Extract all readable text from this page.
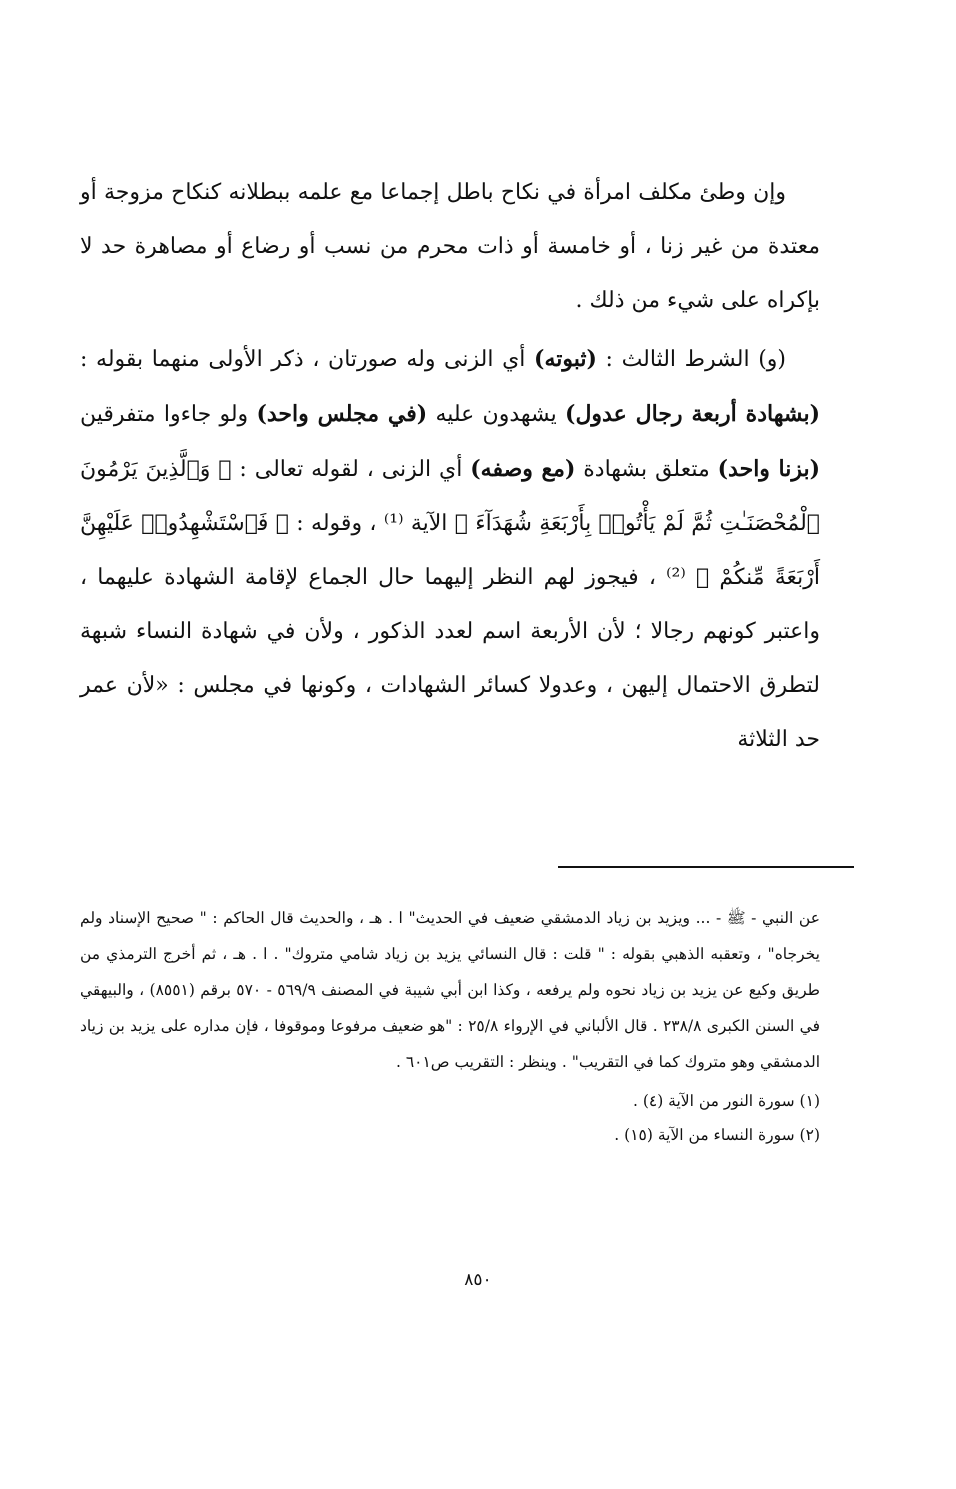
وإن وطئ مكلف امرأة في نكاح باطل إجماعا مع علمه ببطلانه كنكاح مزوجة أو معتدة من غير زنا ، أو خامسة أو ذات محرم من نسب أو رضاع أو مصاهرة حد لا بإكراه على شيء من ذلك .

(و) الشرط الثالث : (ثبوته) أي الزنى وله صورتان ، ذكر الأولى منهما بقوله : (بشهادة أربعة رجال عدول) يشهدون عليه (في مجلس واحد) ولو جاءوا متفرقين (بزنا واحد) متعلق بشهادة (مع وصفه) أي الزنى ، لقوله تعالى : ﴿ وَٱلَّذِينَ يَرْمُونَ ٱلْمُحْصَنَـٰتِ ثُمَّ لَمْ يَأْتُوا۟ بِأَرْبَعَةِ شُهَدَآءَ ﴾ الآية ⁽¹⁾ ، وقوله : ﴿ فَٱسْتَشْهِدُوا۟ عَلَيْهِنَّ أَرْبَعَةً مِّنكُمْ ﴾ ⁽²⁾ ، فيجوز لهم النظر إليهما حال الجماع لإقامة الشهادة عليهما ، واعتبر كونهم رجالا ؛ لأن الأربعة اسم لعدد الذكور ، ولأن في شهادة النساء شبهة لتطرق الاحتمال إليهن ، وعدولا كسائر الشهادات ، وكونها في مجلس : «لأن عمر حد الثلاثة

عن النبي - ﷺ - ... ويزيد بن زياد الدمشقي ضعيف في الحديث" ا . هـ ، والحديث قال الحاكم : " صحيح الإسناد ولم يخرجاه" ، وتعقبه الذهبي بقوله : " قلت : قال النسائي يزيد بن زياد شامي متروك" . ا . هـ ، ثم أخرج الترمذي من طريق وكيع عن يزيد بن زياد نحوه ولم يرفعه ، وكذا ابن أبي شيبة في المصنف ٥٦٩/٩ - ٥٧٠ برقم (٨٥٥١) ، والبيهقي في السنن الكبرى ٢٣٨/٨ . قال الألباني في الإرواء ٢٥/٨ : "هو ضعيف مرفوعا وموقوفا ، فإن مداره على يزيد بن زياد الدمشقي وهو متروك كما في التقريب" . وينظر : التقريب ص٦٠١ .

(١) سورة النور من الآية (٤) .

(٢) سورة النساء من الآية (١٥) .

٨٥٠
